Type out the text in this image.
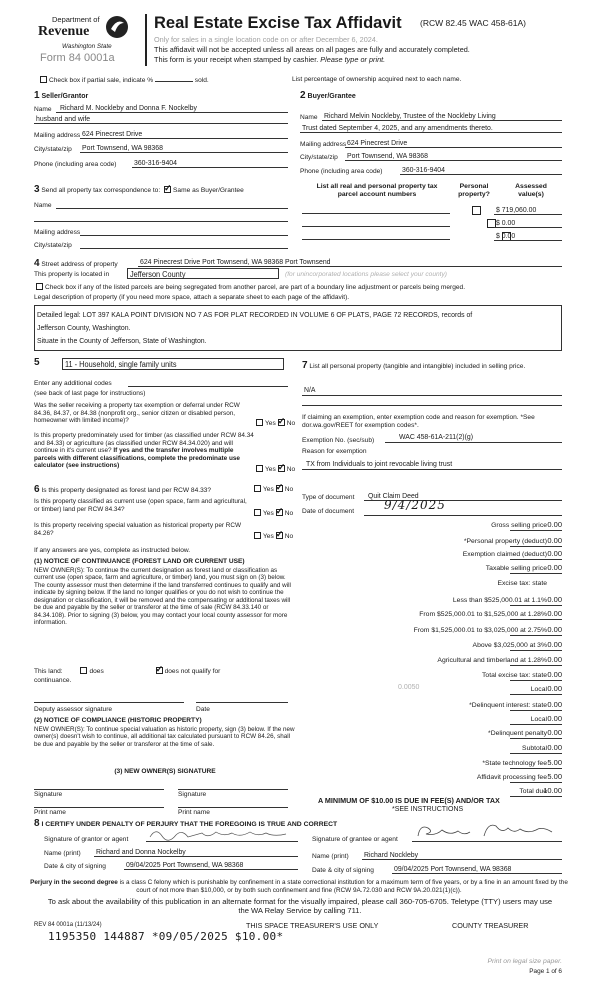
Department of
Revenue
Washington State
Form 84 0001a
Real Estate Excise Tax Affidavit (RCW 82.45 WAC 458-61A)
Only for sales in a single location code on or after December 6, 2024.
This affidavit will not be accepted unless all areas on all pages are fully and accurately completed.
This form is your receipt when stamped by cashier. Please type or print.
Check box if partial sale, indicate %	sold.	List percentage of ownership acquired next to each name.
1 Seller/Grantor
Name Richard M. Nockleby and Donna F. Nockelby
husband and wife
Mailing address 624 Pinecrest Drive
City/state/zip Port Townsend, WA 98368
Phone (including area code) 360-316-9404
2 Buyer/Grantee
Name Richard Melvin Nockleby, Trustee of the Nockleby Living
Trust dated September 4, 2025, and any amendments thereto.
Mailing address 624 Pinecrest Drive
City/state/zip Port Townsend, WA 98368
Phone (including area code)	360-316-9404
3 Send all property tax correspondence to: ✓ Same as Buyer/Grantee
Name
Mailing address
City/state/zip
List all real and personal property tax
parcel account numbers
Personal
property?
Assessed
value(s)

$ 719,060.00
$ 0.00
$ 0.00
4 Street address of property	624 Pinecrest Drive Port Townsend, WA 98368 Port Townsend
This property is located in	Jefferson County	(for unincorporated locations please select your county)
Check box if any of the listed parcels are being segregated from another parcel, are part of a boundary line adjustment or parcels being merged.
Legal description of property (if you need more space, attach a separate sheet to each page of the affidavit).
Detailed legal: LOT 397 KALA POINT DIVISION NO 7 AS FOR PLAT RECORDED IN VOLUME 6 OF PLATS, PAGE 72 RECORDS, records of
Jefferson County, Washington.
Situate in the County of Jefferson, State of Washington.
5	11 - Household, single family units
Enter any additional codes
(see back of last page for instructions)
Was the seller receiving a property tax exemption or deferral under RCW 84.36, 84.37, or 84.38 (nonprofit org., senior citizen or disabled person, homeowner with limited income)?	Yes ✓ No
Is this property predominately used for timber (as classified under RCW 84.34 and 84.33) or agriculture (as classified under RCW 84.34.020) and will continue in it's current use? If yes and the transfer involves multiple parcels with different classifications, complete the predominate use calculator (see instructions)
Yes ✓ No
7 List all personal property (tangible and intangible) included in selling price.
N/A
If claiming an exemption, enter exemption code and reason for exemption. *See dor.wa.gov/REET for exemption codes*.
Exemption No. (sec/sub)	WAC 458-61A-211(2)(g)
Reason for exemption
TX from Individuals to joint revocable living trust
6 Is this property designated as forest land per RCW 84.33?	Yes ✓ No
Is this property classified as current use (open space, farm and agricultural, or timber) land per RCW 84.34?
Yes ✓ No
Is this property receiving special valuation as historical property per RCW 84.26?	Yes ✓ No
If any answers are yes, complete as instructed below.
(1) NOTICE OF CONTINUANCE (FOREST LAND OR CURRENT USE)
NEW OWNER(S): To continue the current designation as forest land or classification as current use (open space, farm and agriculture, or timber) land, you must sign on (3) below. The county assessor must then determine if the land transferred continues to qualify and will indicate by signing below. If the land no longer qualifies or you do not wish to continue the designation or classification, it will be removed and the compensating or additional taxes will be due and payable by the seller or transferor at the time of sale (RCW 84.33.140 or 84.34.108). Prior to signing (3) below, you may contact your local county assessor for more information.
This land:	does ✓	does not qualify for
continuance.
Deputy assessor signature	Date
(2) NOTICE OF COMPLIANCE (HISTORIC PROPERTY)
NEW OWNER(S): To continue special valuation as historic property, sign (3) below. If the new owner(s) doesn't wish to continue, all additional tax calculated pursuant to RCW 84.26, shall be due and payable by the seller or transferor at the time of sale.
(3) NEW OWNER(S) SIGNATURE
Signature	Signature
Print name	Print name
Type of document Quit Claim Deed
Date of document 9/4/2025
Gross selling price 0.00
*Personal property (deduct) 0.00
Exemption claimed (deduct) 0.00
Taxable selling price 0.00
Excise tax: state
Less than $525,000.01 at 1.1% 0.00
From $525,000.01 to $1,525,000 at 1.28% 0.00
From $1,525,000.01 to $3,025,000 at 2.75% 0.00
Above $3,025,000 at 3% 0.00
Agricultural and timberland at 1.28% 0.00
Total excise tax: state 0.00
Local 0.00
*Delinquent interest: state 0.00
Local 0.00
*Delinquent penalty 0.00
Subtotal 0.00
*State technology fee 5.00
Affidavit processing fee 5.00
Total due
10.00
0.0050
A MINIMUM OF $10.00 IS DUE IN FEE(S) AND/OR TAX
*SEE INSTRUCTIONS
8 I CERTIFY UNDER PENALTY OF PERJURY THAT THE FOREGOING IS TRUE AND CORRECT
Signature of grantor or agent	Signature of grantee or agent
Name (print) Richard and Donna Nockelby
Name (print) Richard Nockleby
Date & city of signing	09/04/2025 Port Townsend, WA 98368
Date & city of signing	09/04/2025 Port Townsend, WA 98368
Perjury in the second degree is a class C felony which is punishable by confinement in a state correctional institution for a maximum term of five years, or by a fine in an amount fixed by the court of not more than $10,000, or by both such confinement and fine (RCW 9A.72.030 and RCW 9A.20.021(1)(c)).
To ask about the availability of this publication in an alternate format for the visually impaired, please call 360-705-6705. Teletype (TTY) users may use the WA Relay Service by calling 711.
REV 84 0001a (11/13/24)	THIS SPACE TREASURER'S USE ONLY	COUNTY TREASURER
1195350 144887 *09/05/2025 $10.00*
Print on legal size paper.
Page 1 of 6
